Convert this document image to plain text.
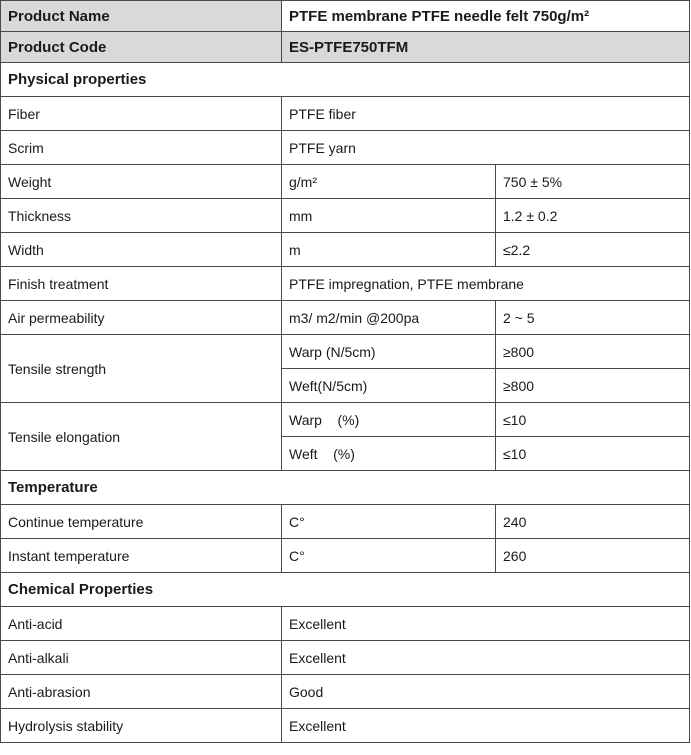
Product Name	PTFE membrane PTFE needle felt 750g/m²	
Product Code	ES-PTFE750TFM	
Physical properties		
Fiber	PTFE fiber	
Scrim	PTFE yarn	
Weight	g/m²	750 ± 5%
Thickness	mm	1.2 ± 0.2
Width	m	≤2.2
Finish treatment	PTFE impregnation, PTFE membrane	
Air permeability	m3/ m2/min @200pa	2 ~ 5
Tensile strength	Warp (N/5cm)	≥800
	Weft(N/5cm)	≥800
Tensile elongation	Warp    (%)	≤10
	Weft    (%)	≤10
Temperature		
Continue temperature	C°	240
Instant temperature	C°	260
Chemical Properties		
Anti-acid	Excellent	
Anti-alkali	Excellent	
Anti-abrasion	Good	
Hydrolysis stability	Excellent	
